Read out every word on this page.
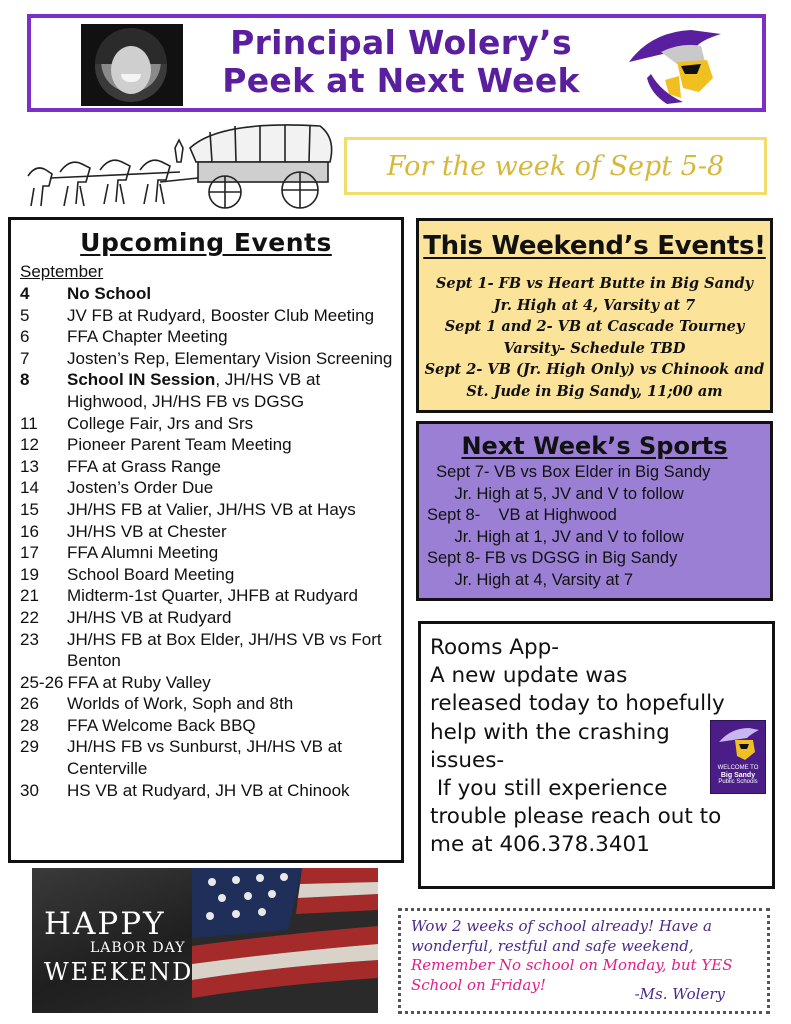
Principal Wolery’s
Peek at Next Week
For the week of Sept 5-8
Upcoming Events
September
4	No School
5	JV FB at Rudyard, Booster Club Meeting
6	FFA Chapter Meeting
7	Josten’s Rep, Elementary Vision Screening
8	School IN Session, JH/HS VB at Highwood, JH/HS FB vs DGSG
11	College Fair, Jrs and Srs
12	Pioneer Parent Team Meeting
13	FFA at Grass Range
14	Josten’s Order Due
15	JH/HS FB at Valier, JH/HS VB at Hays
16	JH/HS VB at Chester
17	FFA Alumni Meeting
19	School Board Meeting
21	Midterm-1st Quarter, JHFB at Rudyard
22	JH/HS VB at Rudyard
23	JH/HS FB at Box Elder, JH/HS VB vs Fort Benton
25-26 FFA at Ruby Valley
26	Worlds of Work, Soph and 8th
28	FFA Welcome Back BBQ
29	JH/HS FB vs Sunburst, JH/HS VB at Centerville
30	HS VB at Rudyard, JH VB at Chinook
This Weekend’s Events!
Sept 1- FB vs Heart Butte in Big Sandy
Jr. High at 4, Varsity at 7
Sept 1 and 2- VB at Cascade Tourney
Varsity- Schedule TBD
Sept 2- VB (Jr. High Only) vs Chinook and
St. Jude in Big Sandy, 11;00 am
Next Week’s Sports
Sept 7- VB vs Box Elder in Big Sandy
Jr. High at 5, JV and V to follow
Sept 8-    VB at Highwood
Jr. High at 1, JV and V to follow
Sept 8- FB vs DGSG in Big Sandy
Jr. High at 4, Varsity at 7
Rooms App-
A new update was
released today to hopefully
help with the crashing
issues-
If you still experience
trouble please reach out to
me at 406.378.3401
WELCOME TO
Big Sandy
Public Schools
HAPPY
LABOR DAY
WEEKEND
Wow 2 weeks of school already! Have a wonderful, restful and safe weekend, Remember No school on Monday, but YES School on Friday!
-Ms. Wolery
